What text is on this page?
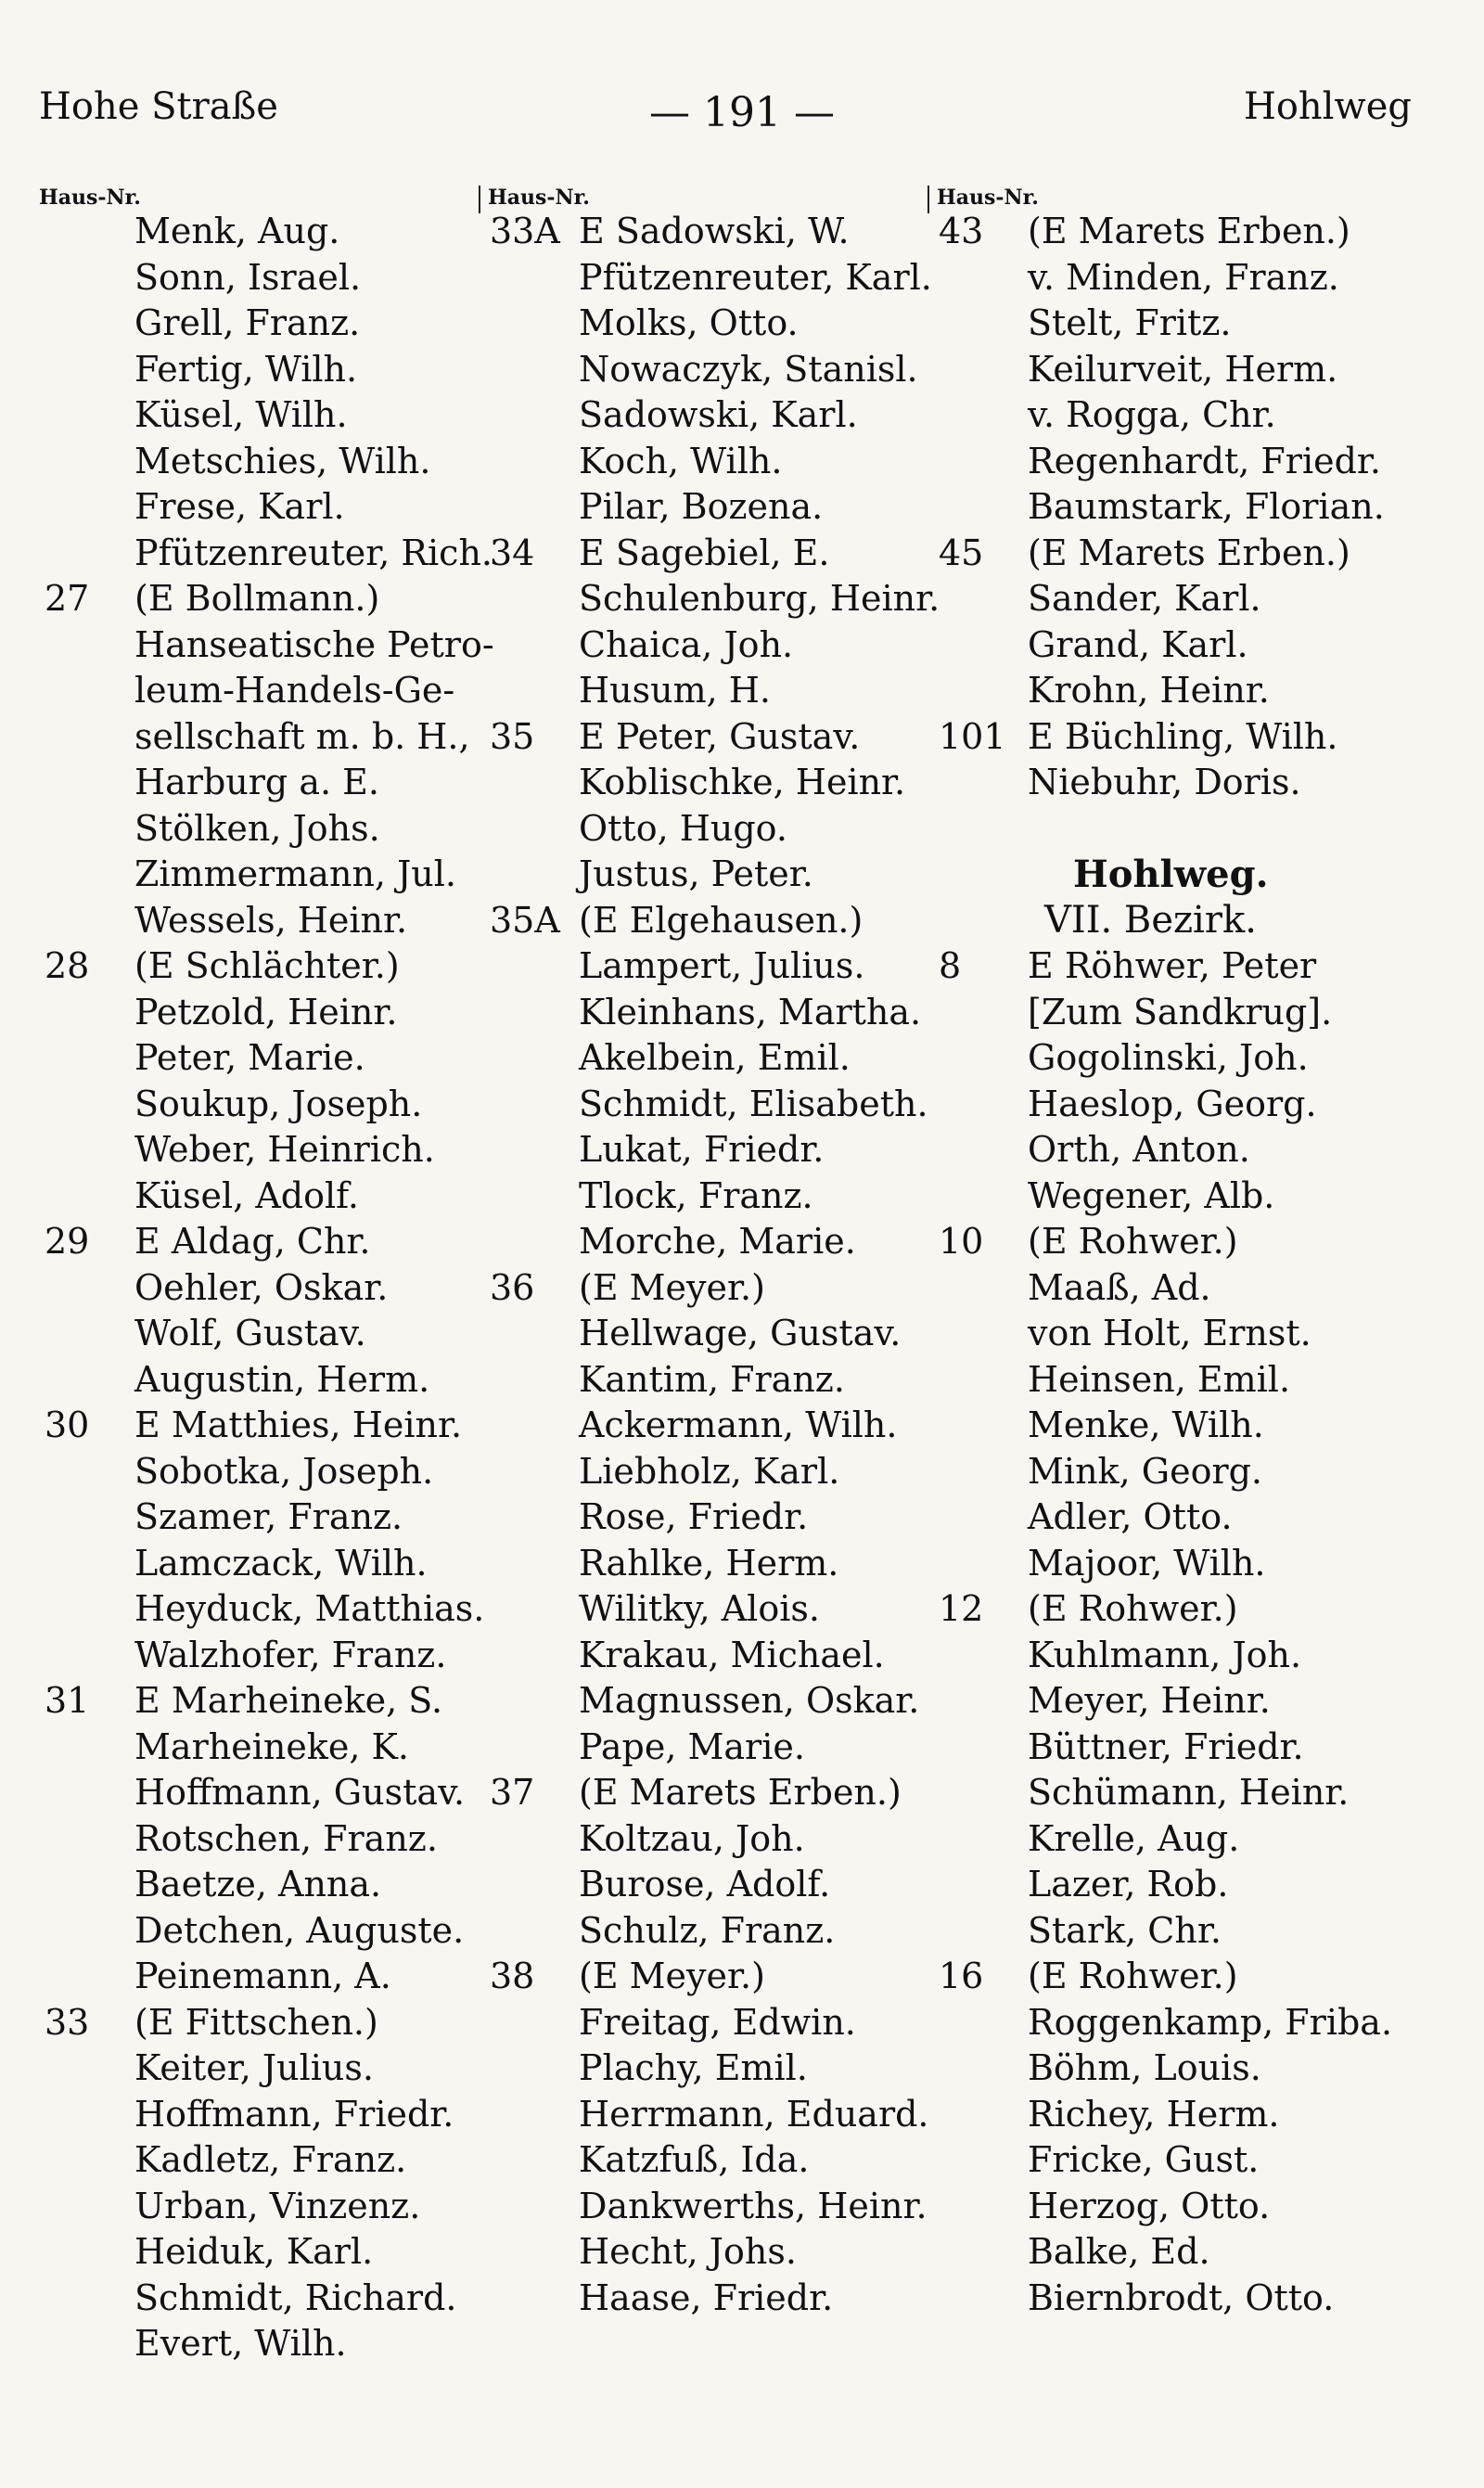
Hohe Straße	— 191 —	Hohlweg
Haus-Nr.	Haus-Nr.	Haus-Nr.
Menk, Aug.
Sonn, Israel.
Grell, Franz.
Fertig, Wilh.
Küsel, Wilh.
Metschies, Wilh.
Frese, Karl.
Pfützenreuter, Rich.
27 (E Bollmann.)
Hanseatische Petro-
leum-Handels-Ge-
sellschaft m. b. H.,
Harburg a. E.
Stölken, Johs.
Zimmermann, Jul.
Wessels, Heinr.
28 (E Schlächter.)
Petzold, Heinr.
Peter, Marie.
Soukup, Joseph.
Weber, Heinrich.
Küsel, Adolf.
29 E Aldag, Chr.
Oehler, Oskar.
Wolf, Gustav.
Augustin, Herm.
30 E Matthies, Heinr.
Sobotka, Joseph.
Szamer, Franz.
Lamczack, Wilh.
Heyduck, Matthias.
Walzhofer, Franz.
31 E Marheineke, S.
Marheineke, K.
Hoffmann, Gustav.
Rotschen, Franz.
Baetze, Anna.
Detchen, Auguste.
Peinemann, A.
33 (E Fittschen.)
Keiter, Julius.
Hoffmann, Friedr.
Kadletz, Franz.
Urban, Vinzenz.
Heiduk, Karl.
Schmidt, Richard.
Evert, Wilh.
33A E Sadowski, W.
Pfützenreuter, Karl.
Molks, Otto.
Nowaczyk, Stanisl.
Sadowski, Karl.
Koch, Wilh.
Pilar, Bozena.
34 E Sagebiel, E.
Schulenburg, Heinr.
Chaica, Joh.
Husum, H.
35 E Peter, Gustav.
Koblischke, Heinr.
Otto, Hugo.
Justus, Peter.
35A (E Elgehausen.)
Lampert, Julius.
Kleinhans, Martha.
Akelbein, Emil.
Schmidt, Elisabeth.
Lukat, Friedr.
Tlock, Franz.
Morche, Marie.
36 (E Meyer.)
Hellwage, Gustav.
Kantim, Franz.
Ackermann, Wilh.
Liebholz, Karl.
Rose, Friedr.
Rahlke, Herm.
Wilitky, Alois.
Krakau, Michael.
Magnussen, Oskar.
Pape, Marie.
37 (E Marets Erben.)
Koltzau, Joh.
Burose, Adolf.
Schulz, Franz.
38 (E Meyer.)
Freitag, Edwin.
Plachy, Emil.
Herrmann, Eduard.
Katzfuß, Ida.
Dankwerths, Heinr.
Hecht, Johs.
Haase, Friedr.
43 (E Marets Erben.)
v. Minden, Franz.
Stelt, Fritz.
Keilurveit, Herm.
v. Rogga, Chr.
Regenhardt, Friedr.
Baumstark, Florian.
45 (E Marets Erben.)
Sander, Karl.
Grand, Karl.
Krohn, Heinr.
101 E Büchling, Wilh.
Niebuhr, Doris.
Hohlweg.
VII. Bezirk.
8 E Röhwer, Peter
[Zum Sandkrug].
Gogolinski, Joh.
Haeslop, Georg.
Orth, Anton.
Wegener, Alb.
10 (E Rohwer.)
Maaß, Ad.
von Holt, Ernst.
Heinsen, Emil.
Menke, Wilh.
Mink, Georg.
Adler, Otto.
Majoor, Wilh.
12 (E Rohwer.)
Kuhlmann, Joh.
Meyer, Heinr.
Büttner, Friedr.
Schümann, Heinr.
Krelle, Aug.
Lazer, Rob.
Stark, Chr.
16 (E Rohwer.)
Roggenkamp, Friba.
Böhm, Louis.
Richey, Herm.
Fricke, Gust.
Herzog, Otto.
Balke, Ed.
Biernbrodt, Otto.
